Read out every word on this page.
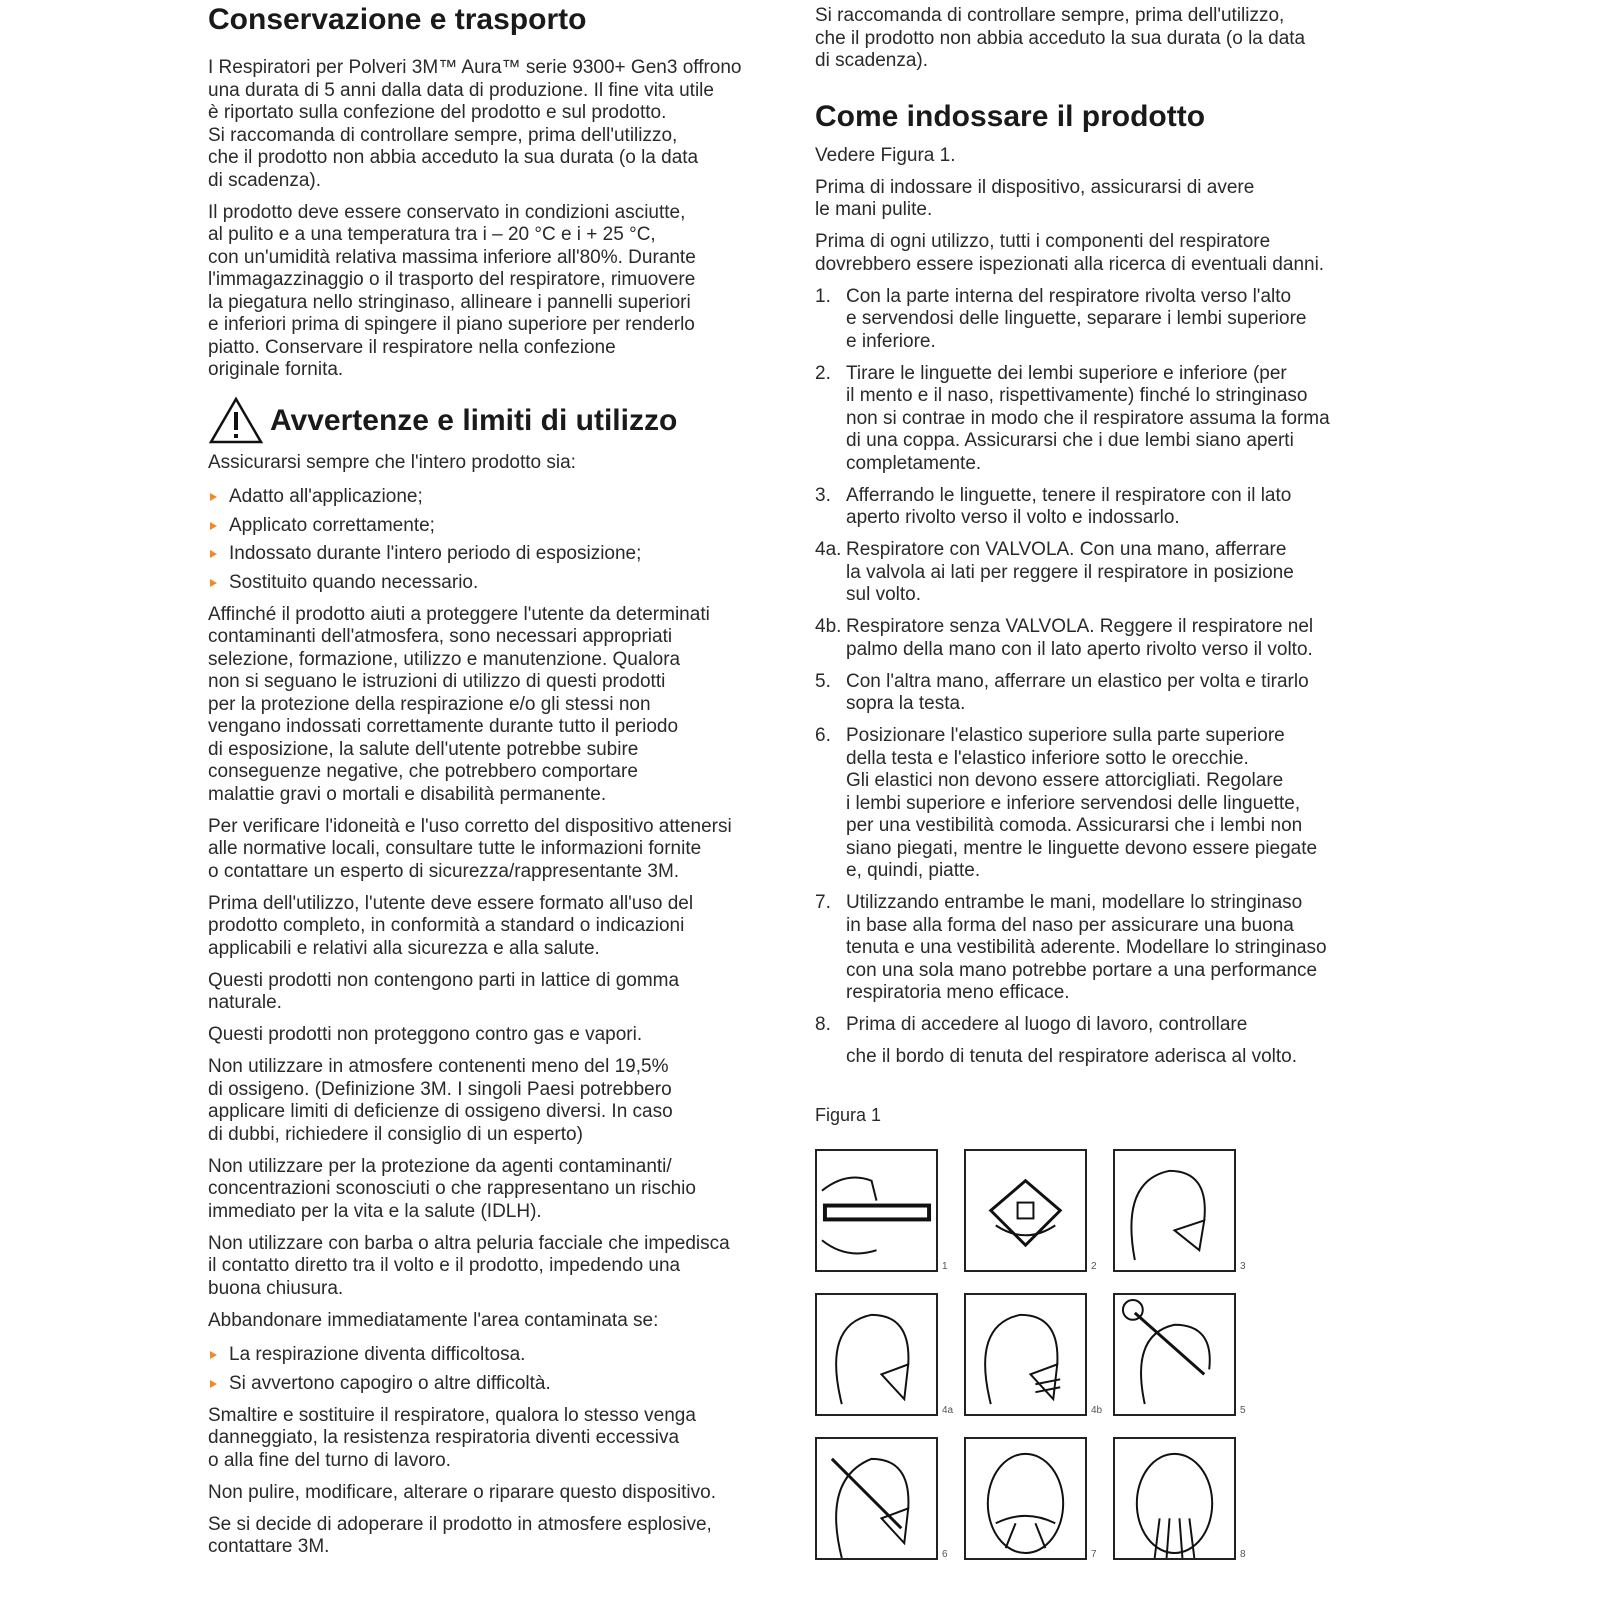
Conservazione e trasporto

I Respiratori per Polveri 3M™ Aura™ serie 9300+ Gen3 offrono
una durata di 5 anni dalla data di produzione. Il fine vita utile
è riportato sulla confezione del prodotto e sul prodotto.
Si raccomanda di controllare sempre, prima dell'utilizzo,
che il prodotto non abbia acceduto la sua durata (o la data
di scadenza).

Il prodotto deve essere conservato in condizioni asciutte,
al pulito e a una temperatura tra i – 20 °C e i + 25 °C,
con un'umidità relativa massima inferiore all'80%. Durante
l'immagazzinaggio o il trasporto del respiratore, rimuovere
la piegatura nello stringinaso, allineare i pannelli superiori
e inferiori prima di spingere il piano superiore per renderlo
piatto. Conservare il respiratore nella confezione
originale fornita.

Avvertenze e limiti di utilizzo

Assicurarsi sempre che l'intero prodotto sia:

Adatto all'applicazione;
Applicato correttamente;
Indossato durante l'intero periodo di esposizione;
Sostituito quando necessario.

Affinché il prodotto aiuti a proteggere l'utente da determinati
contaminanti dell'atmosfera, sono necessari appropriati
selezione, formazione, utilizzo e manutenzione. Qualora
non si seguano le istruzioni di utilizzo di questi prodotti
per la protezione della respirazione e/o gli stessi non
vengano indossati correttamente durante tutto il periodo
di esposizione, la salute dell'utente potrebbe subire
conseguenze negative, che potrebbero comportare
malattie gravi o mortali e disabilità permanente.

Per verificare l'idoneità e l'uso corretto del dispositivo attenersi
alle normative locali, consultare tutte le informazioni fornite
o contattare un esperto di sicurezza/rappresentante 3M.

Prima dell'utilizzo, l'utente deve essere formato all'uso del
prodotto completo, in conformità a standard o indicazioni
applicabili e relativi alla sicurezza e alla salute.

Questi prodotti non contengono parti in lattice di gomma
naturale.

Questi prodotti non proteggono contro gas e vapori.

Non utilizzare in atmosfere contenenti meno del 19,5%
di ossigeno. (Definizione 3M. I singoli Paesi potrebbero
applicare limiti di deficienze di ossigeno diversi. In caso
di dubbi, richiedere il consiglio di un esperto)

Non utilizzare per la protezione da agenti contaminanti/
concentrazioni sconosciuti o che rappresentano un rischio
immediato per la vita e la salute (IDLH).

Non utilizzare con barba o altra peluria facciale che impedisca
il contatto diretto tra il volto e il prodotto, impedendo una
buona chiusura.

Abbandonare immediatamente l'area contaminata se:

La respirazione diventa difficoltosa.
Si avvertono capogiro o altre difficoltà.

Smaltire e sostituire il respiratore, qualora lo stesso venga
danneggiato, la resistenza respiratoria diventi eccessiva
o alla fine del turno di lavoro.

Non pulire, modificare, alterare o riparare questo dispositivo.

Se si decide di adoperare il prodotto in atmosfere esplosive,
contattare 3M.

Si raccomanda di controllare sempre, prima dell'utilizzo,
che il prodotto non abbia acceduto la sua durata (o la data
di scadenza).

Come indossare il prodotto

Vedere Figura 1.

Prima di indossare il dispositivo, assicurarsi di avere
le mani pulite.

Prima di ogni utilizzo, tutti i componenti del respiratore
dovrebbero essere ispezionati alla ricerca di eventuali danni.

1. Con la parte interna del respiratore rivolta verso l'alto
e servendosi delle linguette, separare i lembi superiore
e inferiore.
2. Tirare le linguette dei lembi superiore e inferiore (per
il mento e il naso, rispettivamente) finché lo stringinaso
non si contrae in modo che il respiratore assuma la forma
di una coppa. Assicurarsi che i due lembi siano aperti
completamente.
3. Afferrando le linguette, tenere il respiratore con il lato
aperto rivolto verso il volto e indossarlo.
4a. Respiratore con VALVOLA. Con una mano, afferrare
la valvola ai lati per reggere il respiratore in posizione
sul volto.
4b. Respiratore senza VALVOLA. Reggere il respiratore nel
palmo della mano con il lato aperto rivolto verso il volto.
5. Con l'altra mano, afferrare un elastico per volta e tirarlo
sopra la testa.
6. Posizionare l'elastico superiore sulla parte superiore
della testa e l'elastico inferiore sotto le orecchie.
Gli elastici non devono essere attorcigliati. Regolare
i lembi superiore e inferiore servendosi delle linguette,
per una vestibilità comoda. Assicurarsi che i lembi non
siano piegati, mentre le linguette devono essere piegate
e, quindi, piatte.
7. Utilizzando entrambe le mani, modellare lo stringinaso
in base alla forma del naso per assicurare una buona
tenuta e una vestibilità aderente. Modellare lo stringinaso
con una sola mano potrebbe portare a una performance
respiratoria meno efficace.
8. Prima di accedere al luogo di lavoro, controllare

che il bordo di tenuta del respiratore aderisca al volto.

Figura 1

1	2	3
4a	4b	5
6	7	8
